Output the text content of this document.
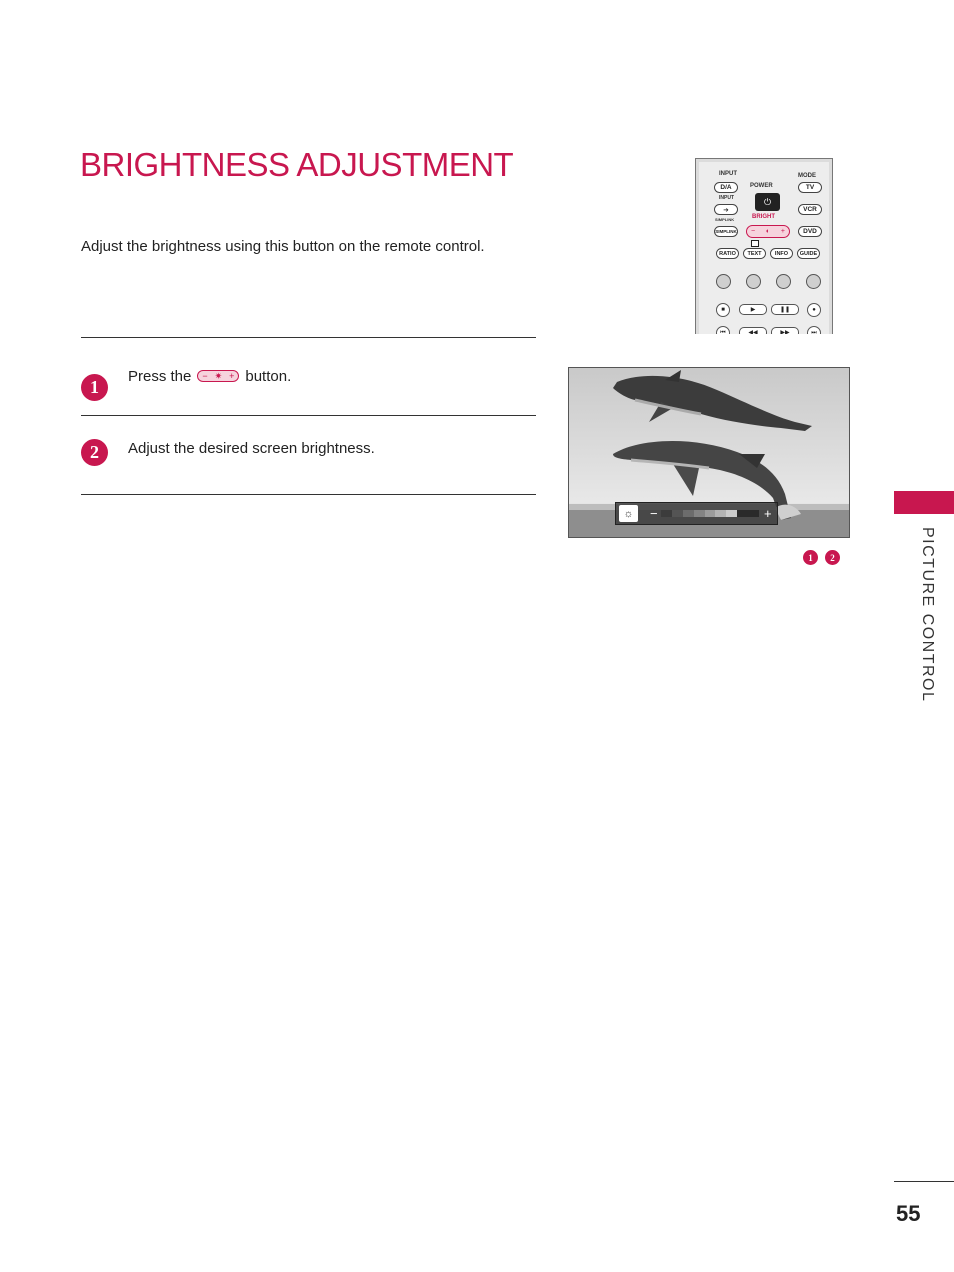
BRIGHTNESS ADJUSTMENT
Adjust the brightness using this button on the remote control.
INPUT	MODE
D/A	POWER	TV
⏻
INPUT
➔	VCR
BRIGHT
SIMPLINK
SIMPLINK − ◐ +	DVD
RATIO	TEXT	INFO	GUIDE
■	▶	❚❚	●
⏮	◀◀	▶▶	⏭
1
Press the − ✷ + button.
2	Adjust the desired screen brightness.
☼	−	+
1	2	PICTURE CONTROL
55
